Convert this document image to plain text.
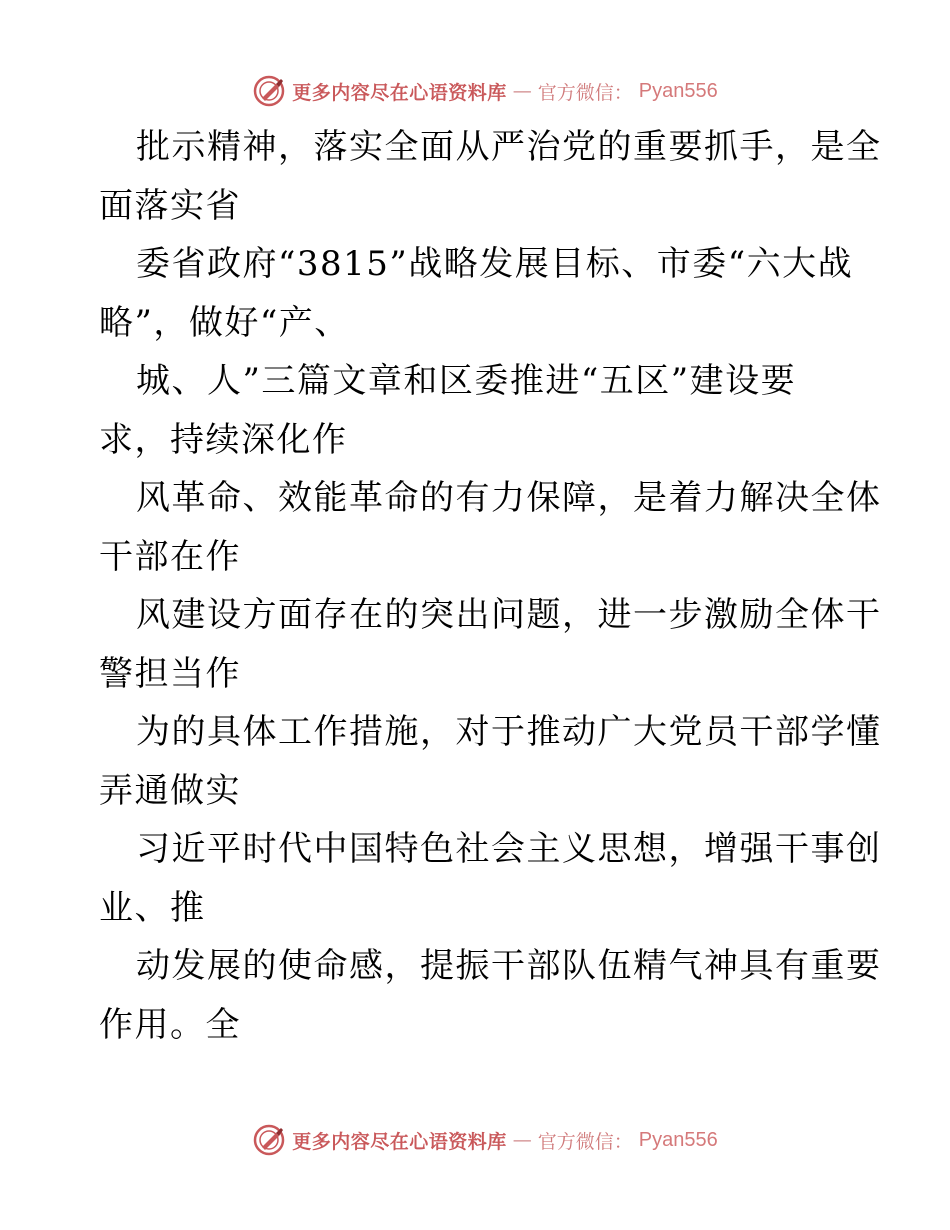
更多内容尽在心语资料库 — 官方微信： Pyan556
批示精神，落实全面从严治党的重要抓手，是全
面落实省
委省政府“3815”战略发展目标、市委“六大战
略”，做好“产、
城、人”三篇文章和区委推进“五区”建设要
求，持续深化作
风革命、效能革命的有力保障，是着力解决全体
干部在作
风建设方面存在的突出问题，进一步激励全体干
警担当作
为的具体工作措施，对于推动广大党员干部学懂
弄通做实
习近平时代中国特色社会主义思想，增强干事创
业、推
动发展的使命感，提振干部队伍精气神具有重要
作用。全
更多内容尽在心语资料库 — 官方微信： Pyan556
